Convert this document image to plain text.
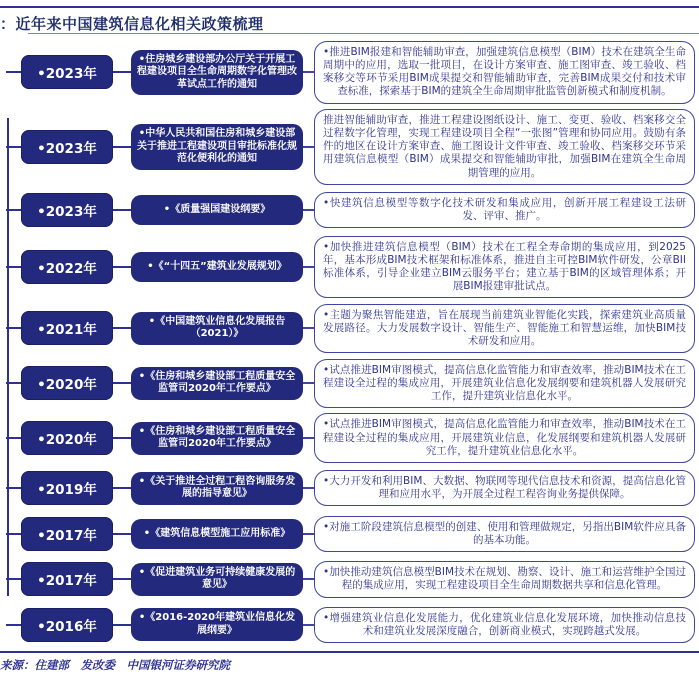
：近年来中国建筑信息化相关政策梳理
•2023年
•住房城乡建设部办公厅关于开展工程建设项目全生命周期数字化管理改革试点工作的通知
•推进BIM报建和智能辅助审查，加强建筑信息模型（BIM）技术在建筑全生命周期中的应用，选取一批项目，在设计方案审查、施工图审查、竣工验收、档案移交等环节采用BIM成果提交和智能辅助审查，完善BIM成果交付和技术审查标准，探索基于BIM的建筑全生命周期审批监管创新模式和制度机制。
•2023年
•中华人民共和国住房和城乡建设部关于推进工程建设项目审批标准化规范化便利化的通知
推进智能辅助审查，推进工程建设图纸设计、施工、变更、验收、档案移交全过程数字化管理，实现工程建设项目全程“一张图”管理和协同应用。鼓励有条件的地区在设计方案审查、施工图设计文件审查、竣工验收、档案移交环节采用建筑信息模型（BIM）成果提交和智能辅助审批，加强BIM在建筑全生命周期管理的应用。
•2023年	•《质量强国建设纲要》
•快建筑信息模型等数字化技术研发和集成应用，创新开展工程建设工法研发、评审、推广。
•2022年	•《“十四五”建筑业发展规划》
•加快推进建筑信息模型（BIM）技术在工程全寿命期的集成应用，到2025年，基本形成BIM技术框架和标准体系，推进自主可控BIM软件研发，公章BII标准体系，引导企业建立BIM云服务平台；建立基于BIM的区域管理体系；开展BIM报建审批试点。
•2021年
•《中国建筑业信息化发展报告（2021）》
•主题为聚焦智能建造，旨在展现当前建筑业智能化实践，探索建筑业高质量发展路径。大力发展数字设计、智能生产、智能施工和智慧运维，加快BIM技术研发和应用。
•2020年
•《住房和城乡建设部工程质量安全监管司2020年工作要点》
•试点推进BIM审图模式，提高信息化监管能力和审查效率，推动BIM技术在工程建设全过程的集成应用，开展建筑业信息化发展纲要和建筑机器人发展研究工作，提升建筑业信息化水平。
•2020年
•《住房和城乡建设部工程质量安全监管司2020年工作要点》
•试点推进BIM审图模式，提高信息化监管能力和审查效率，推动BIM技术在工程建设全过程的集成应用，开展建筑业信息，化发展纲要和建筑机器人发展研究工作，提升建筑业信息化水平。
•2019年
•《关于推进全过程工程咨询服务发展的指导意见》
•大力开发和利用BIM、大数据、物联网等现代信息技术和资源，提高信息化管理和应用水平，为开展全过程工程咨询业务提供保障。
•2017年	•《建筑信息模型施工应用标准》
•对施工阶段建筑信息模型的创建、使用和管理做规定，另指出BIM软件应具备的基本功能。
•2017年
•《促进建筑业务可持续健康发展的意见》
•加快推动建筑信息模型BIM技术在规划、勘察、设计、施工和运营维护全国过程的集成应用，实现工程建设项目全生命周期数据共享和信息化管理。
•2016年
•《2016-2020年建筑业信息化发展纲要》
•增强建筑业信息化发展能力，优化建筑业信息化发展环境，加快推动信息技术和建筑业发展深度融合，创新商业模式，实现跨越式发展。
来源：住建部　发改委　中国银河证券研究院
